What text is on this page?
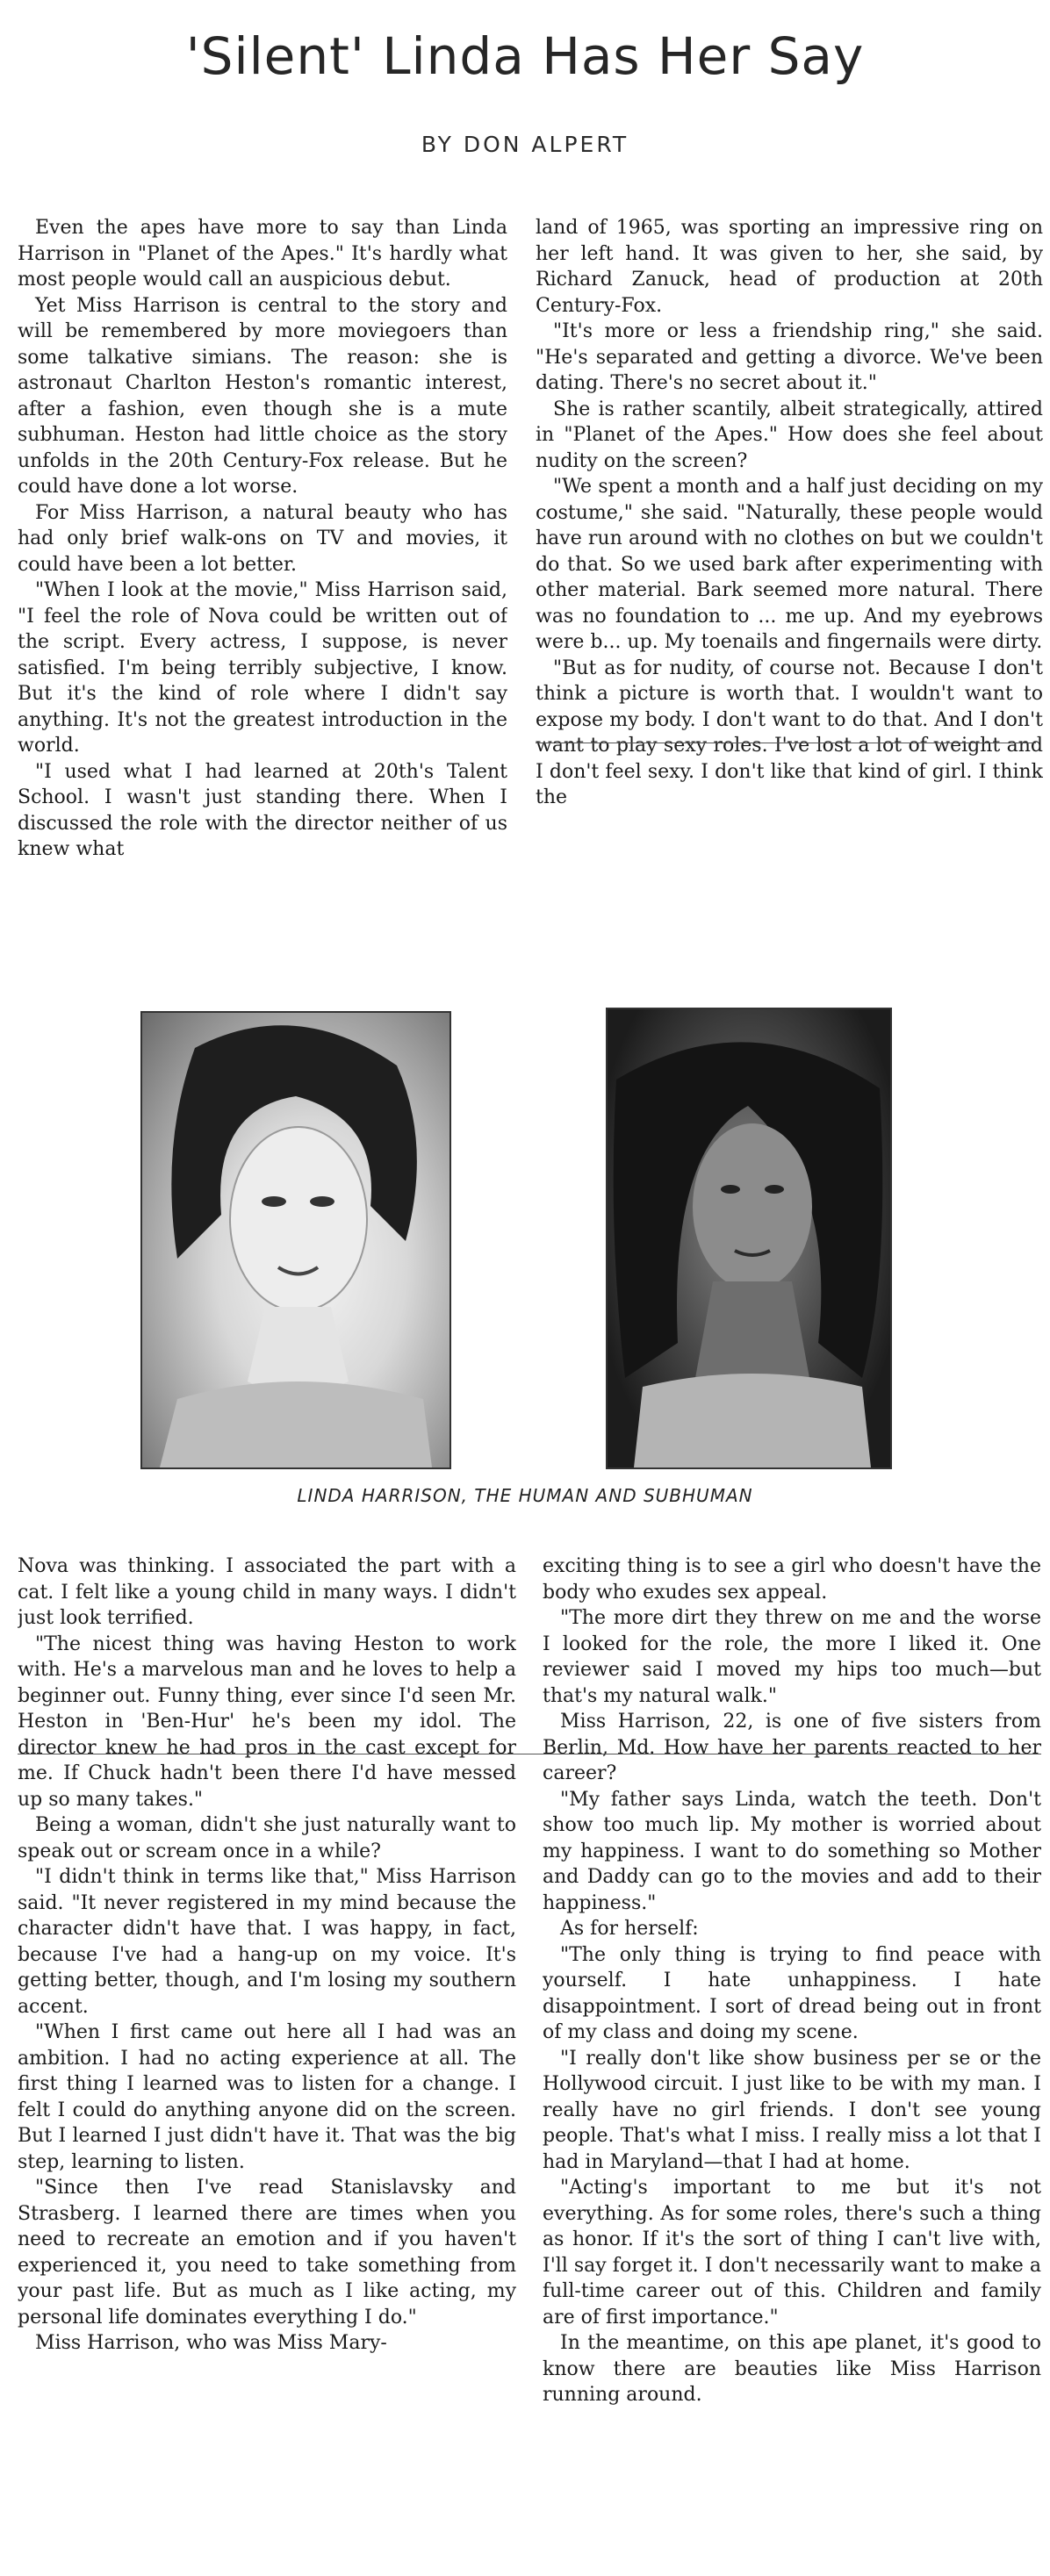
'Silent' Linda Has Her Say
BY DON ALPERT

Even the apes have more to say than Linda Harrison in "Planet of the Apes." It's hardly what most people would call an auspicious debut.

Yet Miss Harrison is central to the story and will be remembered by more moviegoers than some talkative simians. The reason: she is astronaut Charlton Heston's romantic interest, after a fashion, even though she is a mute subhuman. Heston had little choice as the story unfolds in the 20th Century-Fox release. But he could have done a lot worse.

For Miss Harrison, a natural beauty who has had only brief walk-ons on TV and movies, it could have been a lot better.

"When I look at the movie," Miss Harrison said, "I feel the role of Nova could be written out of the script. Every actress, I suppose, is never satisfied. I'm being terribly subjective, I know. But it's the kind of role where I didn't say anything. It's not the greatest introduction in the world.

"I used what I had learned at 20th's Talent School. I wasn't just standing there. When I discussed the role with the director neither of us knew what

land of 1965, was sporting an impressive ring on her left hand. It was given to her, she said, by Richard Zanuck, head of production at 20th Century-Fox.

"It's more or less a friendship ring," she said. "He's separated and getting a divorce. We've been dating. There's no secret about it."

She is rather scantily, albeit strategically, attired in "Planet of the Apes." How does she feel about nudity on the screen?

"We spent a month and a half just deciding on my costume," she said. "Naturally, these people would have run around with no clothes on but we couldn't do that. So we used bark after experimenting with other material. Bark seemed more natural. There was no foundation to ... me up. And my eyebrows were b... up. My toenails and fingernails were dirty.

"But as for nudity, of course not. Because I don't think a picture is worth that. I wouldn't want to expose my body. I don't want to do that. And I don't want to play sexy roles. I've lost a lot of weight and I don't feel sexy. I don't like that kind of girl. I think the

LINDA HARRISON, THE HUMAN AND SUBHUMAN

Nova was thinking. I associated the part with a cat. I felt like a young child in many ways. I didn't just look terrified.

"The nicest thing was having Heston to work with. He's a marvelous man and he loves to help a beginner out. Funny thing, ever since I'd seen Mr. Heston in 'Ben-Hur' he's been my idol. The director knew he had pros in the cast except for me. If Chuck hadn't been there I'd have messed up so many takes."

Being a woman, didn't she just naturally want to speak out or scream once in a while?

"I didn't think in terms like that," Miss Harrison said. "It never registered in my mind because the character didn't have that. I was happy, in fact, because I've had a hang-up on my voice. It's getting better, though, and I'm losing my southern accent.

"When I first came out here all I had was an ambition. I had no acting experience at all. The first thing I learned was to listen for a change. I felt I could do anything anyone did on the screen. But I learned I just didn't have it. That was the big step, learning to listen.

"Since then I've read Stanislavsky and Strasberg. I learned there are times when you need to recreate an emotion and if you haven't experienced it, you need to take something from your past life. But as much as I like acting, my personal life dominates everything I do."

Miss Harrison, who was Miss Mary-

exciting thing is to see a girl who doesn't have the body who exudes sex appeal.

"The more dirt they threw on me and the worse I looked for the role, the more I liked it. One reviewer said I moved my hips too much—but that's my natural walk."

Miss Harrison, 22, is one of five sisters from Berlin, Md. How have her parents reacted to her career?

"My father says Linda, watch the teeth. Don't show too much lip. My mother is worried about my happiness. I want to do something so Mother and Daddy can go to the movies and add to their happiness."

As for herself:

"The only thing is trying to find peace with yourself. I hate unhappiness. I hate disappointment. I sort of dread being out in front of my class and doing my scene.

"I really don't like show business per se or the Hollywood circuit. I just like to be with my man. I really have no girl friends. I don't see young people. That's what I miss. I really miss a lot that I had in Maryland—that I had at home.

"Acting's important to me but it's not everything. As for some roles, there's such a thing as honor. If it's the sort of thing I can't live with, I'll say forget it. I don't necessarily want to make a full-time career out of this. Children and family are of first importance."

In the meantime, on this ape planet, it's good to know there are beauties like Miss Harrison running around.
